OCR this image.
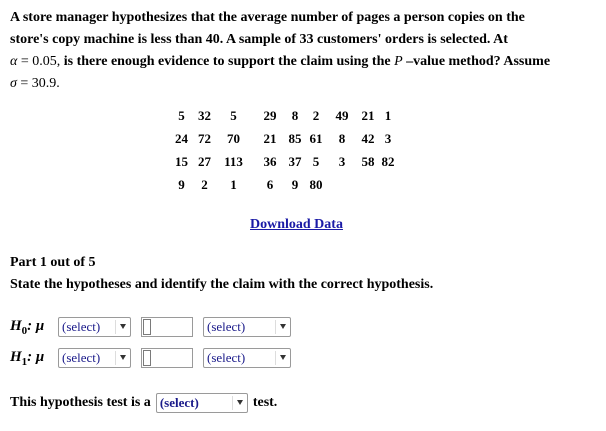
A store manager hypothesizes that the average number of pages a person copies on the
store's copy machine is less than 40. A sample of 33 customers' orders is selected. At
α = 0.05, is there enough evidence to support the claim using the P –value method? Assume
σ = 30.9.
5	32	5	29	8	2	49	21 1
24 72	70	21 85 61	8	42 3
15 27	113	36 37 5	3	58 82
9	2	1	6	9 80
Download Data
Part 1 out of 5
State the hypotheses and identify the claim with the correct hypothesis.
$H_0$: μ	(select)	(select)
$H_1$: μ	(select)	(select)
This hypothesis test is a (select)	test.
